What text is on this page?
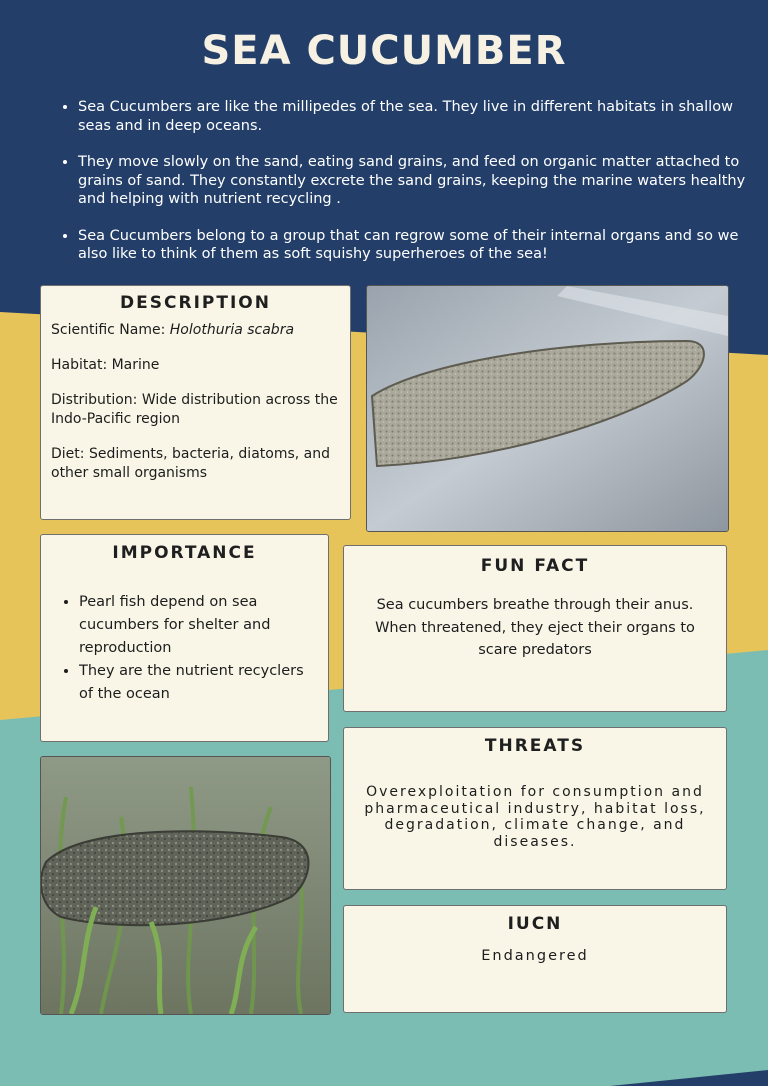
SEA CUCUMBER
• Sea Cucumbers are like the millipedes of the sea. They live in different habitats in shallow seas and in deep oceans.
• They move slowly on the sand, eating sand grains, and feed on organic matter attached to grains of sand. They constantly excrete the sand grains, keeping the marine waters healthy and helping with nutrient recycling .
• Sea Cucumbers belong to a group that can regrow some of their internal organs and so we also like to think of them as soft squishy superheroes of the sea!
DESCRIPTION

Scientific Name: Holothuria scabra

Habitat: Marine

Distribution: Wide distribution across the Indo-Pacific region

Diet: Sediments, bacteria, diatoms, and other small organisms

IMPORTANCE
• Pearl fish depend on sea cucumbers for shelter and reproduction
• They are the nutrient recyclers of the ocean
FUN FACT

Sea cucumbers breathe through their anus. When threatened, they eject their organs to scare predators

THREATS

Overexploitation for consumption and pharmaceutical industry, habitat loss, degradation, climate change, and diseases.

IUCN

Endangered
